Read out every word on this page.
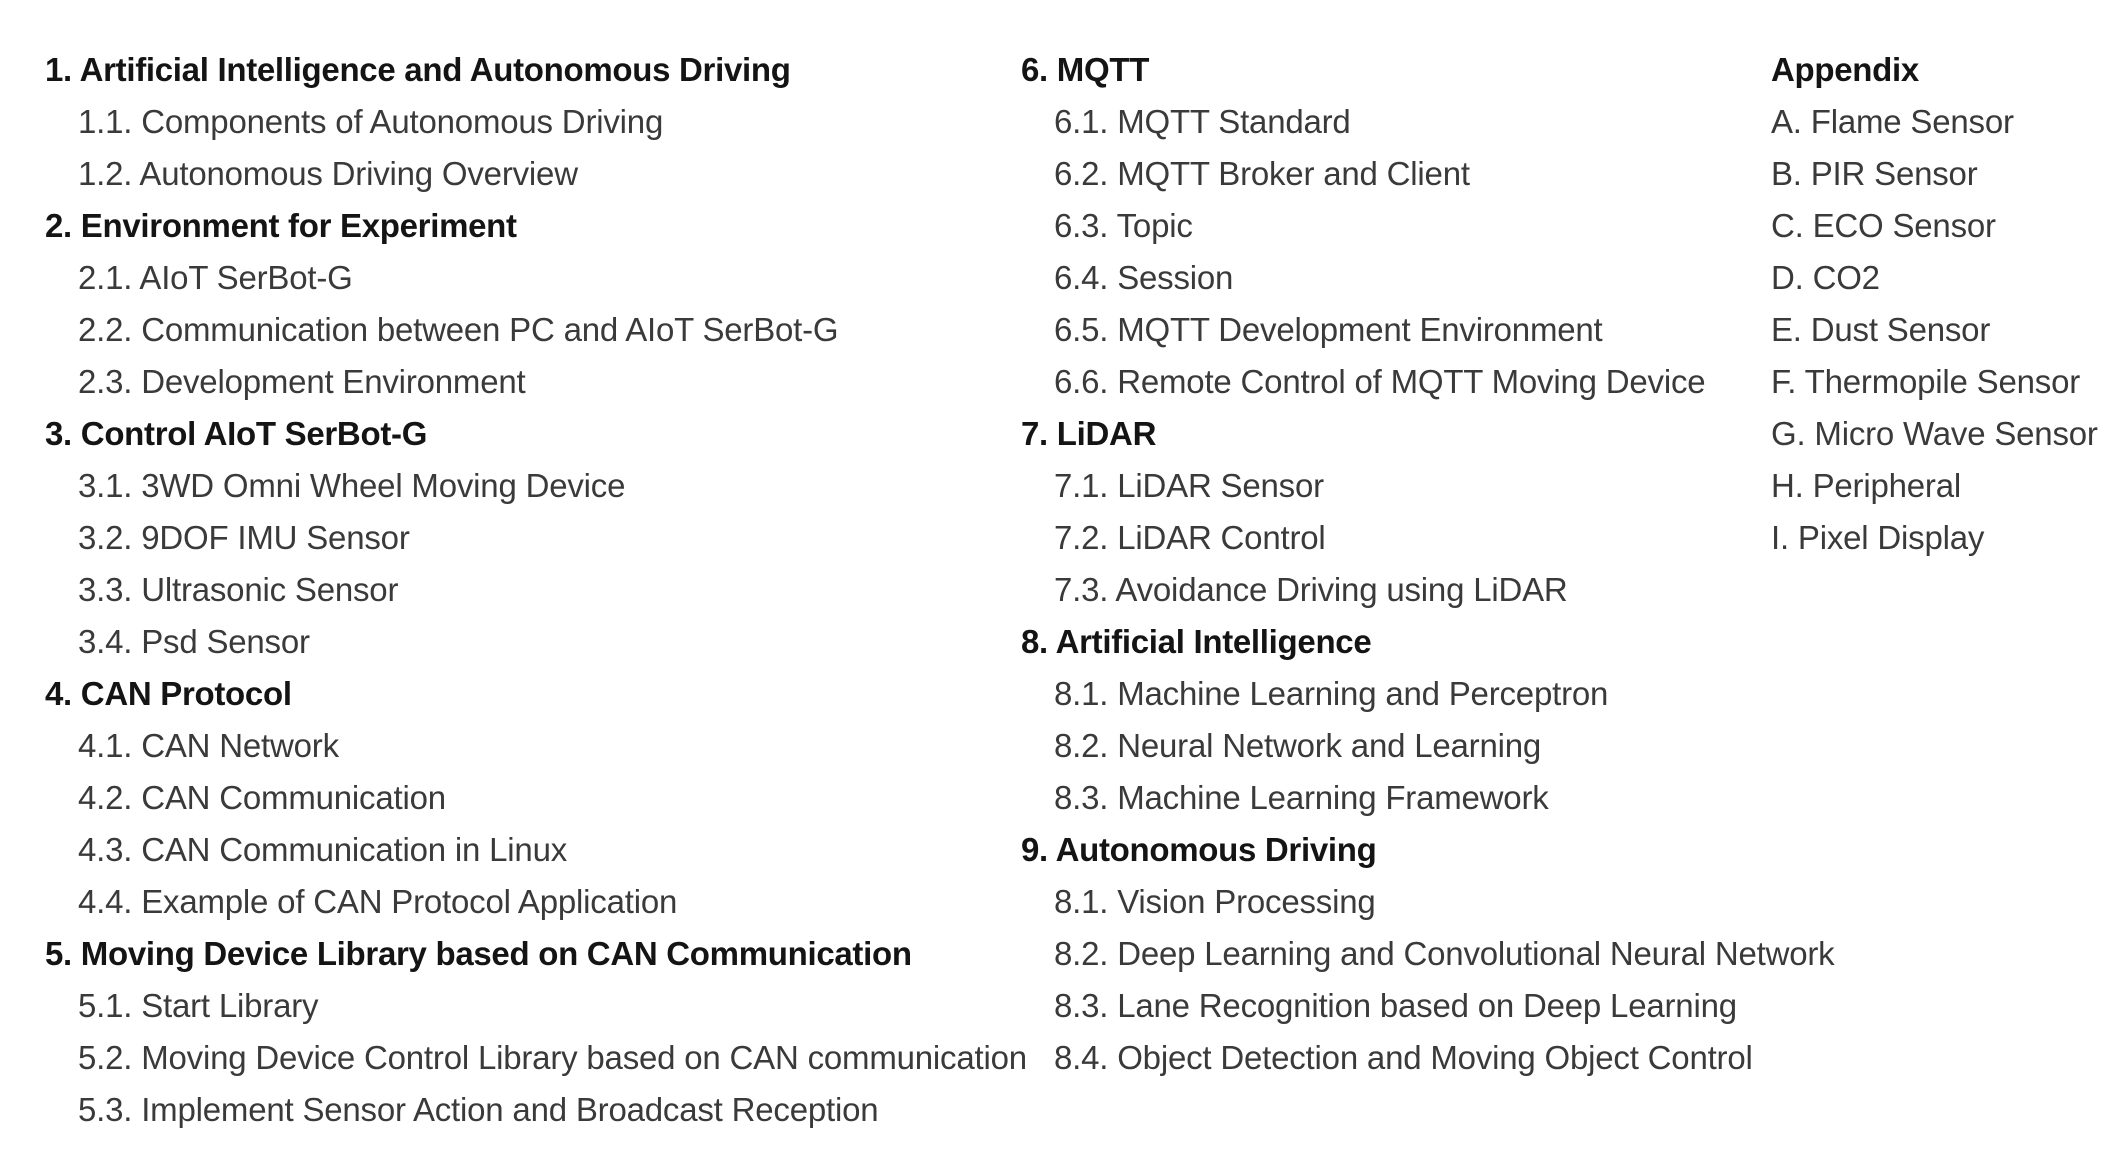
1. Artificial Intelligence and Autonomous Driving
1.1. Components of Autonomous Driving
1.2. Autonomous Driving Overview
2. Environment for Experiment
2.1. AIoT SerBot-G
2.2. Communication between PC and AIoT SerBot-G
2.3. Development Environment
3. Control AIoT SerBot-G
3.1. 3WD Omni Wheel Moving Device
3.2. 9DOF IMU Sensor
3.3. Ultrasonic Sensor
3.4. Psd Sensor
4. CAN Protocol
4.1. CAN Network
4.2. CAN Communication
4.3. CAN Communication in Linux
4.4. Example of CAN Protocol Application
5. Moving Device Library based on CAN Communication
5.1. Start Library
5.2. Moving Device Control Library based on CAN communication
5.3. Implement Sensor Action and Broadcast Reception
6. MQTT
6.1. MQTT Standard
6.2. MQTT Broker and Client
6.3. Topic
6.4. Session
6.5. MQTT Development Environment
6.6. Remote Control of MQTT Moving Device
7. LiDAR
7.1. LiDAR Sensor
7.2. LiDAR Control
7.3. Avoidance Driving using LiDAR
8. Artificial Intelligence
8.1. Machine Learning and Perceptron
8.2. Neural Network and Learning
8.3. Machine Learning Framework
9. Autonomous Driving
8.1. Vision Processing
8.2. Deep Learning and Convolutional Neural Network
8.3. Lane Recognition based on Deep Learning
8.4. Object Detection and Moving Object Control
Appendix
A. Flame Sensor
B. PIR Sensor
C. ECO Sensor
D. CO2
E. Dust Sensor
F. Thermopile Sensor
G. Micro Wave Sensor
H. Peripheral
I. Pixel Display
